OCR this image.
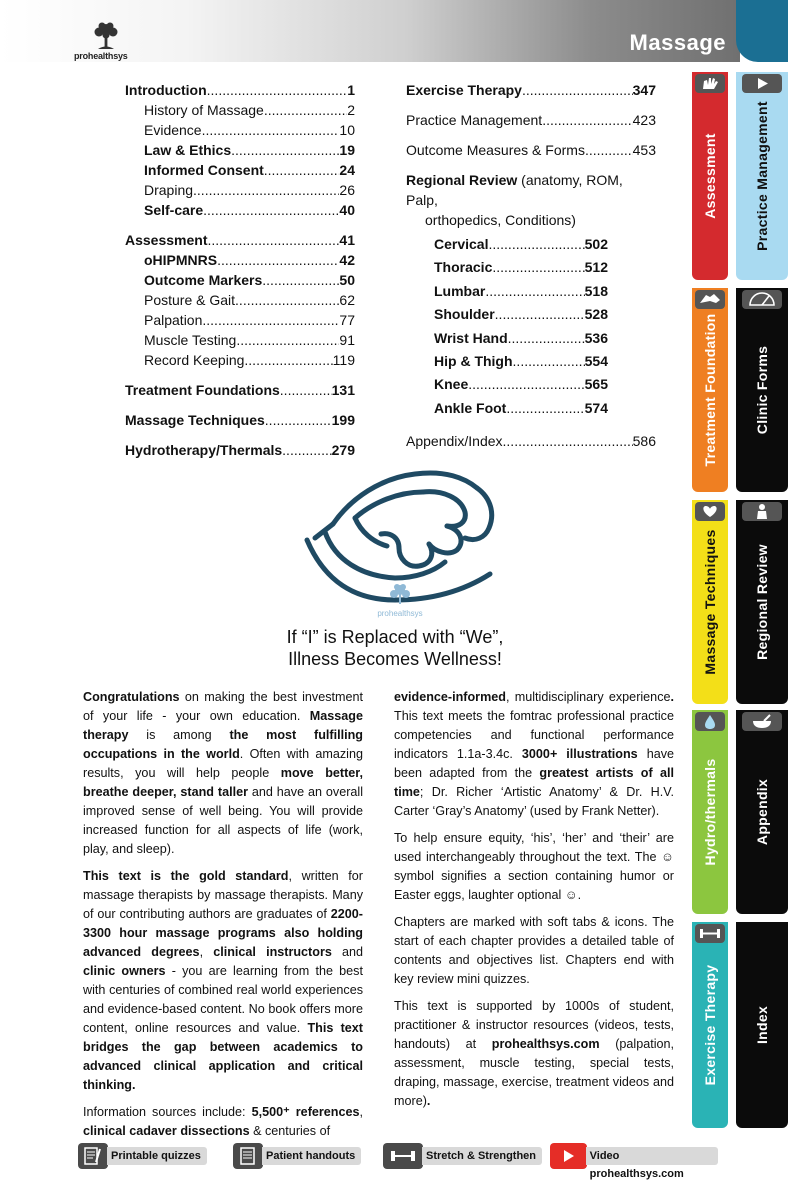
prohealthsys
Massage
Introduction .....	1
History of Massage .....	2
Evidence .....	10
Law & Ethics .....	19
Informed Consent .....	24
Draping .....	26
Self-care .....	40
Assessment .....	41
oHIPMNRS .....	42
Outcome Markers .....	50
Posture & Gait .....	62
Palpation .....	77
Muscle Testing .....	91
Record Keeping .....	119
Treatment Foundations .....	131
Massage Techniques .....	199
Hydrotherapy/Thermals .....	279
Exercise Therapy .....	347
Practice Management .....	423
Outcome Measures & Forms .....	453
Regional Review (anatomy, ROM, Palp,
orthopedics, Conditions)
Cervical .....	502
Thoracic .....	512
Lumbar .....	518
Shoulder .....	528
Wrist Hand .....	536
Hip & Thigh .....	554
Knee .....	565
Ankle Foot .....	574
Appendix/Index .....	586
prohealthsys
If “I” is Replaced with “We”,
Illness Becomes Wellness!

Congratulations on making the best investment of your life - your own education. Massage therapy is among the most fulfilling occupations in the world. Often with amazing results, you will help people move better, breathe deeper, stand taller and have an overall improved sense of well being. You will provide increased function for all aspects of life (work, play, and sleep).

This text is the gold standard, written for massage therapists by massage therapists. Many of our contributing authors are graduates of 2200-3300 hour massage programs also holding advanced degrees, clinical instructors and clinic owners - you are learning from the best with centuries of combined real world experiences and evidence-based content. No book offers more content, online resources and value. This text bridges the gap between academics to advanced clinical application and critical thinking.

Information sources include: 5,500⁺ references, clinical cadaver dissections & centuries of

evidence-informed, multidisciplinary experience. This text meets the fomtrac professional practice competencies and functional performance indicators 1.1a-3.4c. 3000+ illustrations have been adapted from the greatest artists of all time; Dr. Richer ‘Artistic Anatomy’ & Dr. H.V. Carter ‘Gray’s Anatomy’ (used by Frank Netter).

To help ensure equity, ‘his’, ‘her’ and ‘their’ are used interchangeably throughout the text. The ☺ symbol signifies a section containing humor or Easter eggs, laughter optional ☺.

Chapters are marked with soft tabs & icons. The start of each chapter provides a detailed table of contents and objectives list. Chapters end with key review mini quizzes.

This text is supported by 1000s of student, practitioner & instructor resources (videos, tests, handouts) at prohealthsys.com (palpation, assessment, muscle testing, special tests, draping, massage, exercise, treatment videos and more).

Assessment
Treatment Foundation
Massage Techniques
Hydro/thermals
Exercise Therapy
Practice Management
Clinic Forms
Regional Review
Appendix
Index
Printable quizzes	Patient handouts	Stretch & Strengthen	Video prohealthsys.com
